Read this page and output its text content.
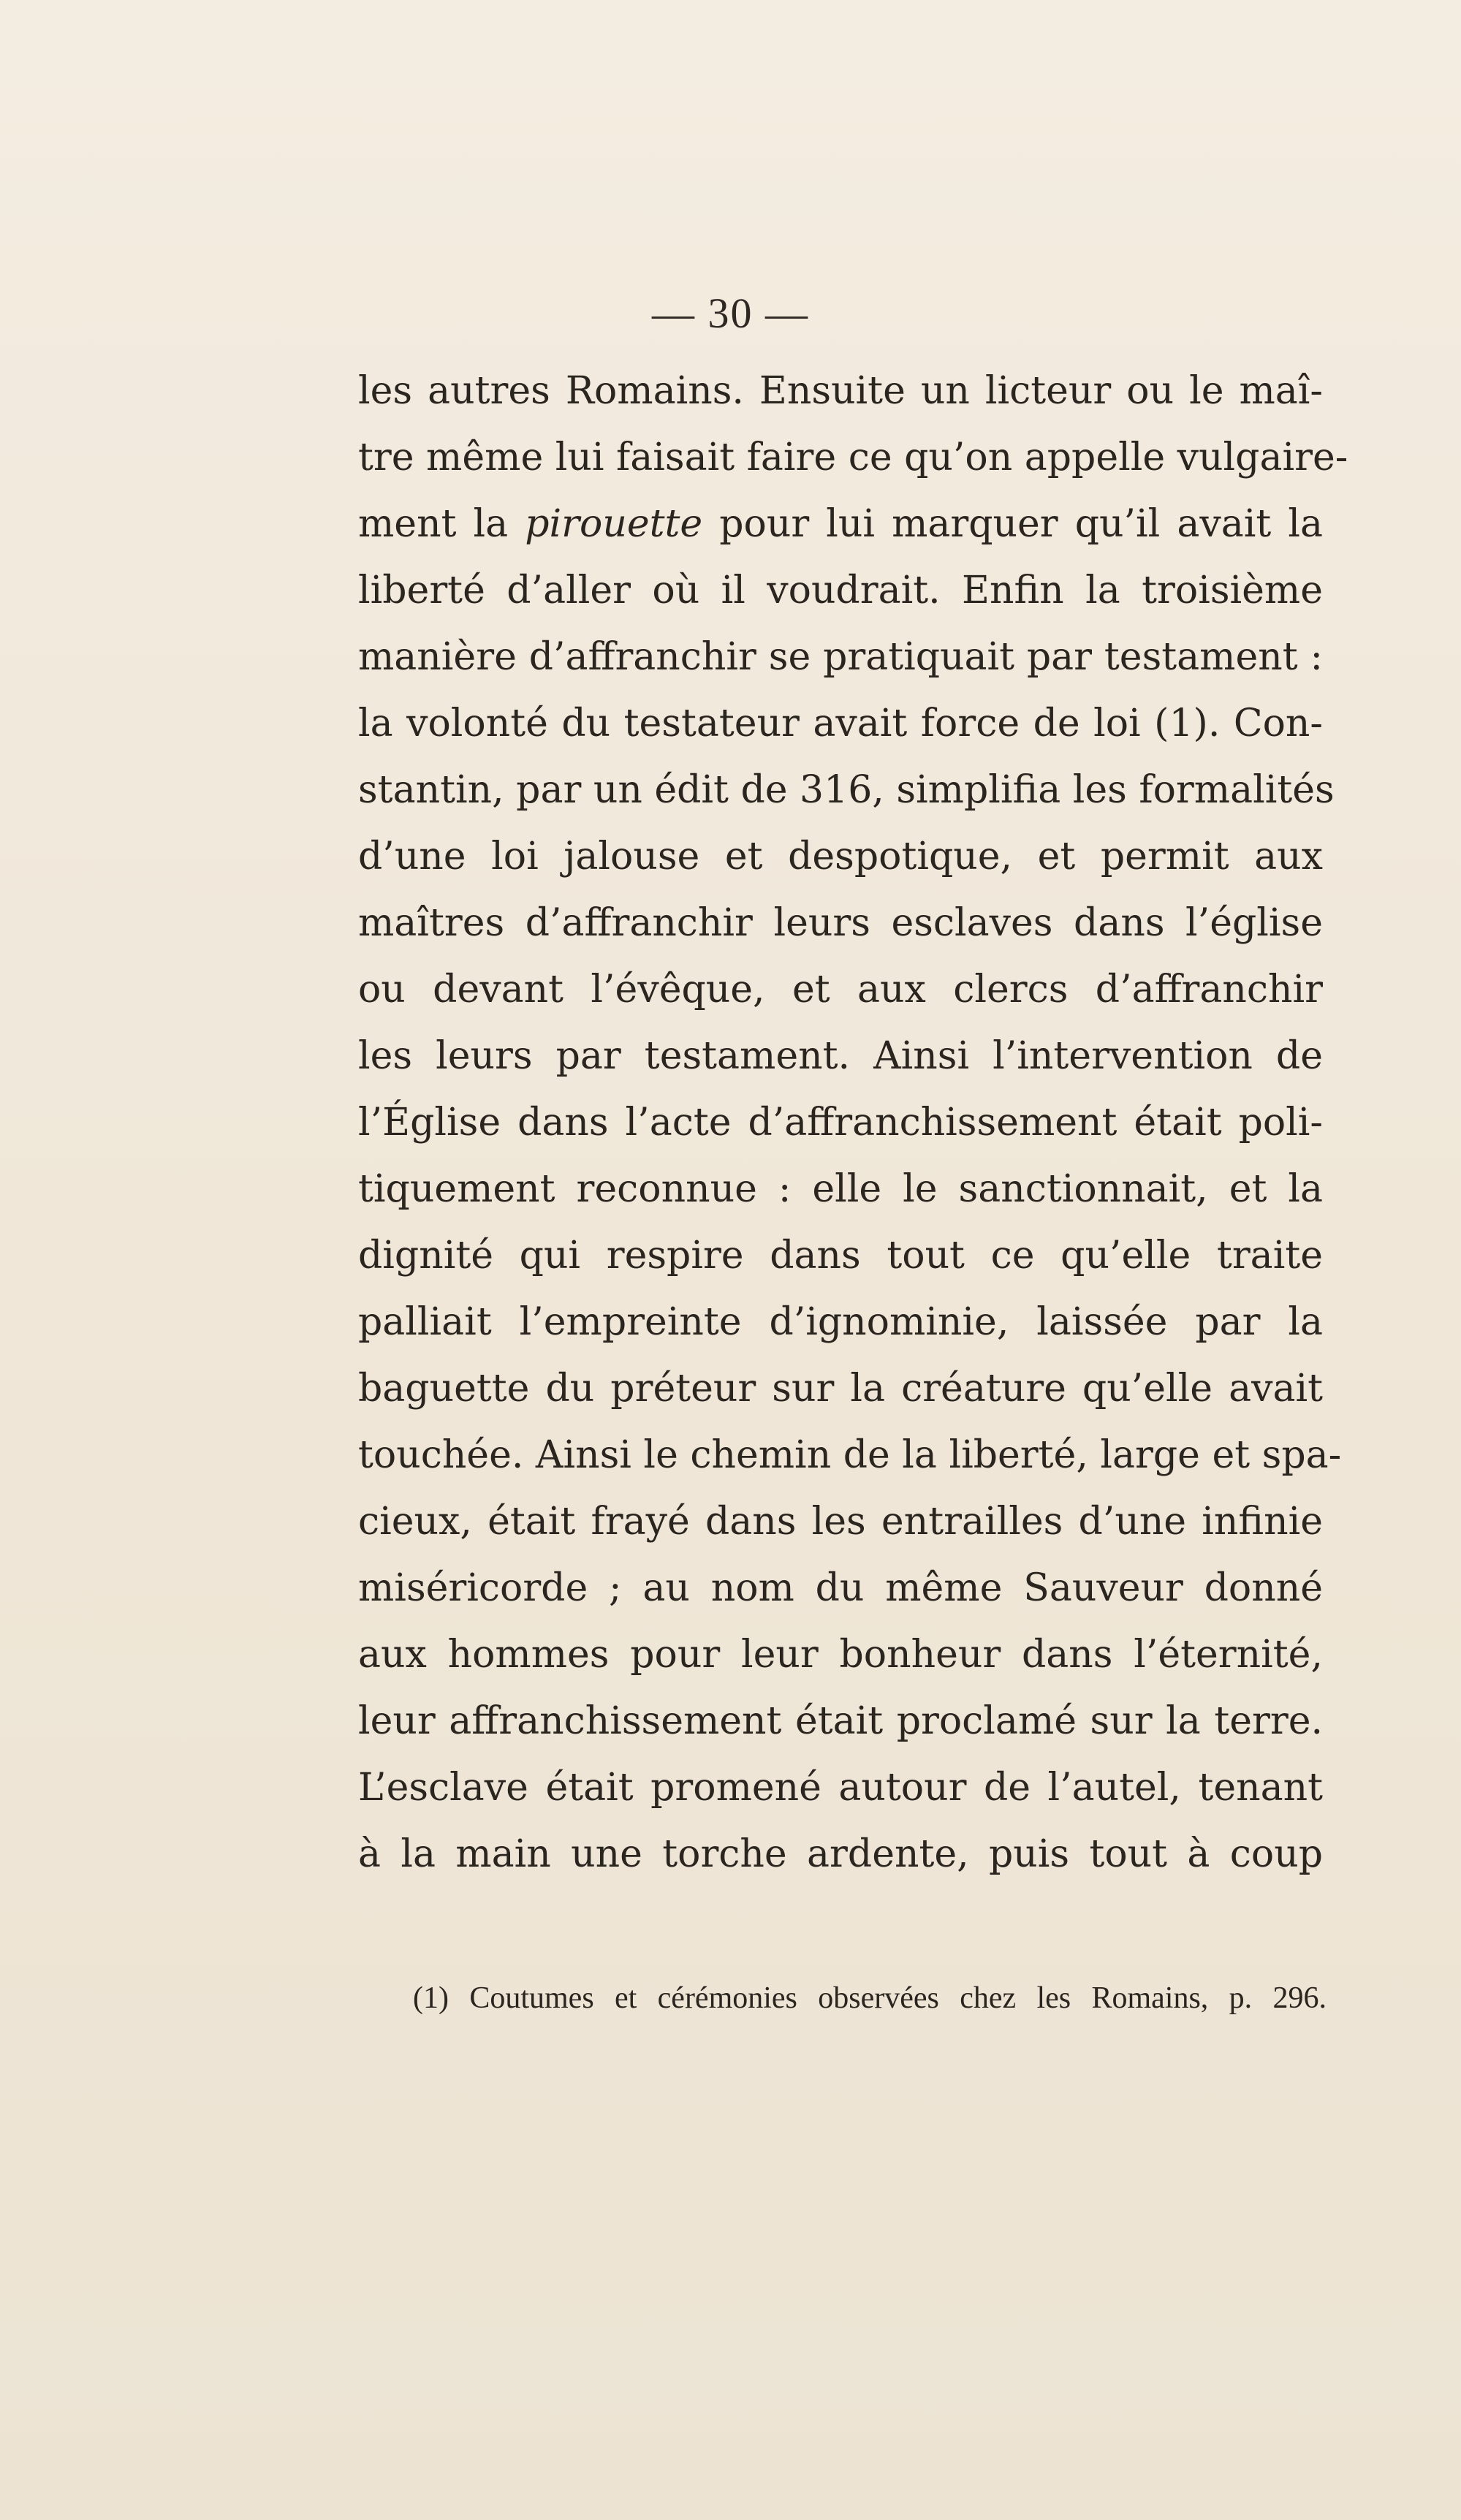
— 30 —
les autres Romains. Ensuite un licteur ou le maî-
tre même lui faisait faire ce qu’on appelle vulgaire-
ment la pirouette pour lui marquer qu’il avait la
liberté d’aller où il voudrait. Enfin la troisième
manière d’affranchir se pratiquait par testament :
la volonté du testateur avait force de loi (1). Con-
stantin, par un édit de 316, simplifia les formalités
d’une loi jalouse et despotique, et permit aux
maîtres d’affranchir leurs esclaves dans l’église
ou devant l’évêque, et aux clercs d’affranchir
les leurs par testament. Ainsi l’intervention de
l’Église dans l’acte d’affranchissement était poli-
tiquement reconnue : elle le sanctionnait, et la
dignité qui respire dans tout ce qu’elle traite
palliait l’empreinte d’ignominie, laissée par la
baguette du préteur sur la créature qu’elle avait
touchée. Ainsi le chemin de la liberté, large et spa-
cieux, était frayé dans les entrailles d’une infinie
miséricorde ; au nom du même Sauveur donné
aux hommes pour leur bonheur dans l’éternité,
leur affranchissement était proclamé sur la terre.
L’esclave était promené autour de l’autel, tenant
à la main une torche ardente, puis tout à coup
(1) Coutumes et cérémonies observées chez les Romains, p. 296.
